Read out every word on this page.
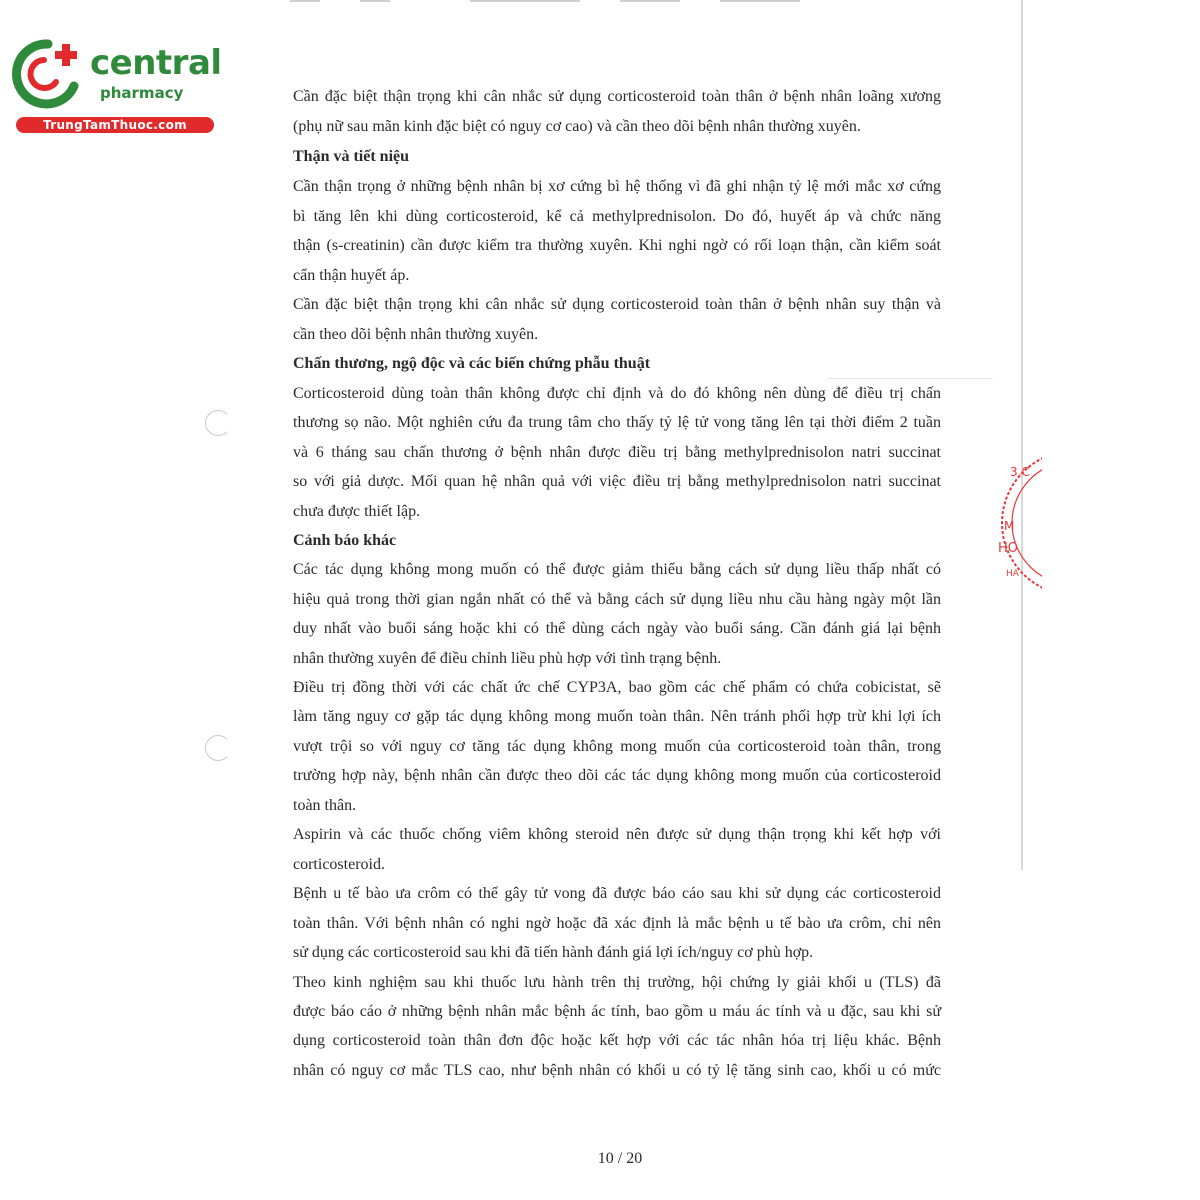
central
pharmacy
TrungTamThuoc.com
Cần đặc biệt thận trọng khi cân nhắc sử dụng corticosteroid toàn thân ở bệnh nhân loãng xương
(phụ nữ sau mãn kinh đặc biệt có nguy cơ cao) và cần theo dõi bệnh nhân thường xuyên.
Thận và tiết niệu
Cần thận trọng ở những bệnh nhân bị xơ cứng bì hệ thống vì đã ghi nhận tỷ lệ mới mắc xơ cứng
bì tăng lên khi dùng corticosteroid, kể cả methylprednisolon. Do đó, huyết áp và chức năng
thận (s-creatinin) cần được kiểm tra thường xuyên. Khi nghi ngờ có rối loạn thận, cần kiểm soát
cẩn thận huyết áp.
Cần đặc biệt thận trọng khi cân nhắc sử dụng corticosteroid toàn thân ở bệnh nhân suy thận và
cần theo dõi bệnh nhân thường xuyên.
Chấn thương, ngộ độc và các biến chứng phẫu thuật
Corticosteroid dùng toàn thân không được chỉ định và do đó không nên dùng để điều trị chấn
thương sọ não. Một nghiên cứu đa trung tâm cho thấy tỷ lệ tử vong tăng lên tại thời điểm 2 tuần
và 6 tháng sau chấn thương ở bệnh nhân được điều trị bằng methylprednisolon natri succinat
so với giả dược. Mối quan hệ nhân quả với việc điều trị bằng methylprednisolon natri succinat
chưa được thiết lập.
Cảnh báo khác
Các tác dụng không mong muốn có thể được giảm thiểu bằng cách sử dụng liều thấp nhất có
hiệu quả trong thời gian ngắn nhất có thể và bằng cách sử dụng liều nhu cầu hàng ngày một lần
duy nhất vào buổi sáng hoặc khi có thể dùng cách ngày vào buổi sáng. Cần đánh giá lại bệnh
nhân thường xuyên để điều chỉnh liều phù hợp với tình trạng bệnh.
Điều trị đồng thời với các chất ức chế CYP3A, bao gồm các chế phẩm có chứa cobicistat, sẽ
làm tăng nguy cơ gặp tác dụng không mong muốn toàn thân. Nên tránh phối hợp trừ khi lợi ích
vượt trội so với nguy cơ tăng tác dụng không mong muốn của corticosteroid toàn thân, trong
trường hợp này, bệnh nhân cần được theo dõi các tác dụng không mong muốn của corticosteroid
toàn thân.
Aspirin và các thuốc chống viêm không steroid nên được sử dụng thận trọng khi kết hợp với
corticosteroid.
Bệnh u tế bào ưa crôm có thể gây tử vong đã được báo cáo sau khi sử dụng các corticosteroid
toàn thân. Với bệnh nhân có nghi ngờ hoặc đã xác định là mắc bệnh u tế bào ưa crôm, chỉ nên
sử dụng các corticosteroid sau khi đã tiến hành đánh giá lợi ích/nguy cơ phù hợp.
Theo kinh nghiệm sau khi thuốc lưu hành trên thị trường, hội chứng ly giải khối u (TLS) đã
được báo cáo ở những bệnh nhân mắc bệnh ác tính, bao gồm u máu ác tính và u đặc, sau khi sử
dụng corticosteroid toàn thân đơn độc hoặc kết hợp với các tác nhân hóa trị liệu khác. Bệnh
nhân có nguy cơ mắc TLS cao, như bệnh nhân có khối u có tỷ lệ tăng sinh cao, khối u có mức
3.C
M
HO
HA
10 / 20
